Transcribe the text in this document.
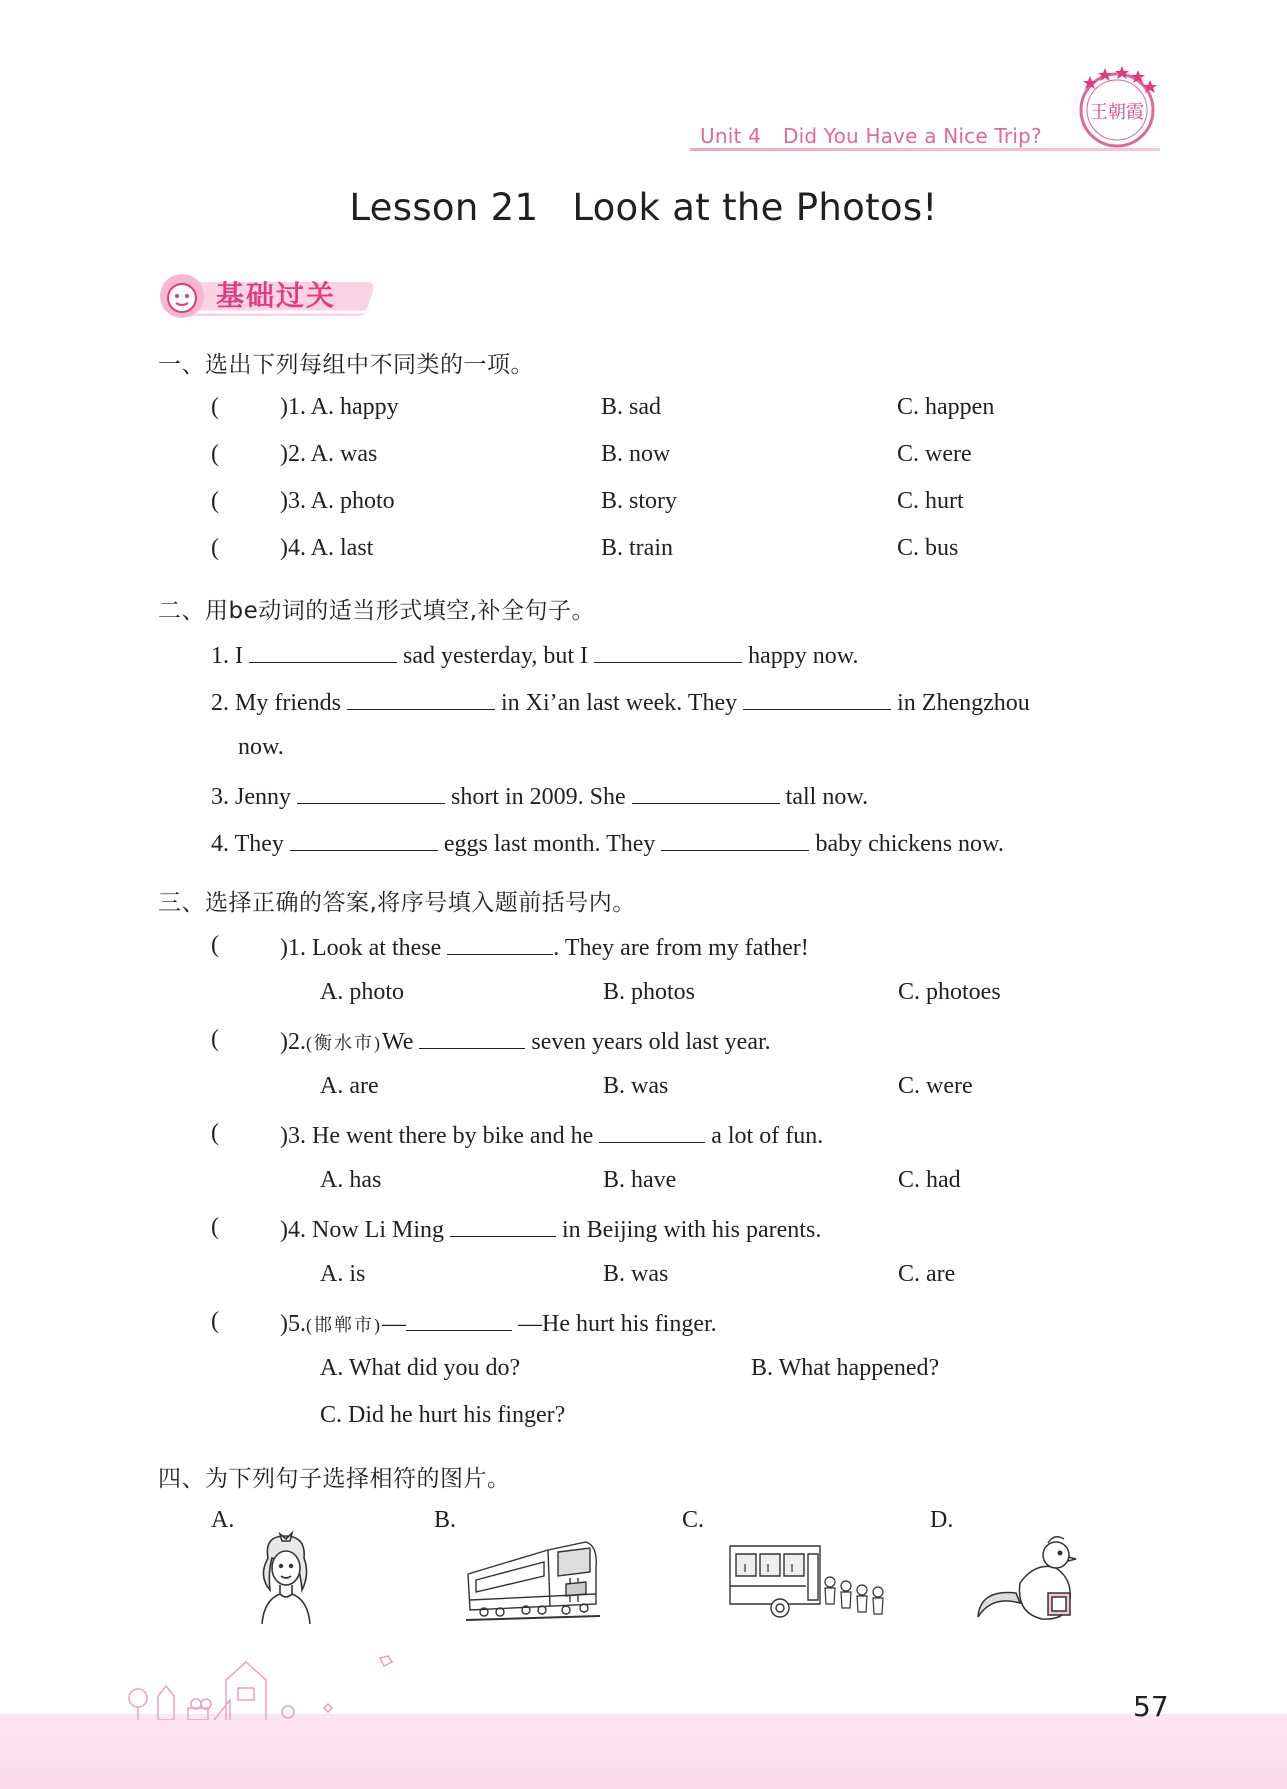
Unit 4 Did You Have a Nice Trip?
王朝霞
Lesson 21 Look at the Photos!
基础过关
一、选出下列每组中不同类的一项。
(	)1. A. happy	B. sad	C. happen
(	)2. A. was	B. now	C. were
(	)3. A. photo	B. story	C. hurt
(	)4. A. last	B. train	C. bus
二、用be动词的适当形式填空,补全句子。
1. I	sad yesterday, but I	happy now.
2. My friends	in Xi’an last week. They	in Zhengzhou
now.
3. Jenny	short in 2009. She	tall now.
4. They	eggs last month. They	baby chickens now.
三、选择正确的答案,将序号填入题前括号内。
(	)1. Look at these	. They are from my father!
A. photo	B. photos	C. photoes
(	)2.(衡水市)We	seven years old last year.
A. are	B. was	C. were
(	)3. He went there by bike and he	a lot of fun.
A. has	B. have	C. had
(	)4. Now Li Ming	in Beijing with his parents.
A. is	B. was	C. are
(	)5.(邯郸市)—	—He hurt his finger.
A. What did you do?	B. What happened?
C. Did he hurt his finger?
四、为下列句子选择相符的图片。
A.	B.	C.	D.
57
